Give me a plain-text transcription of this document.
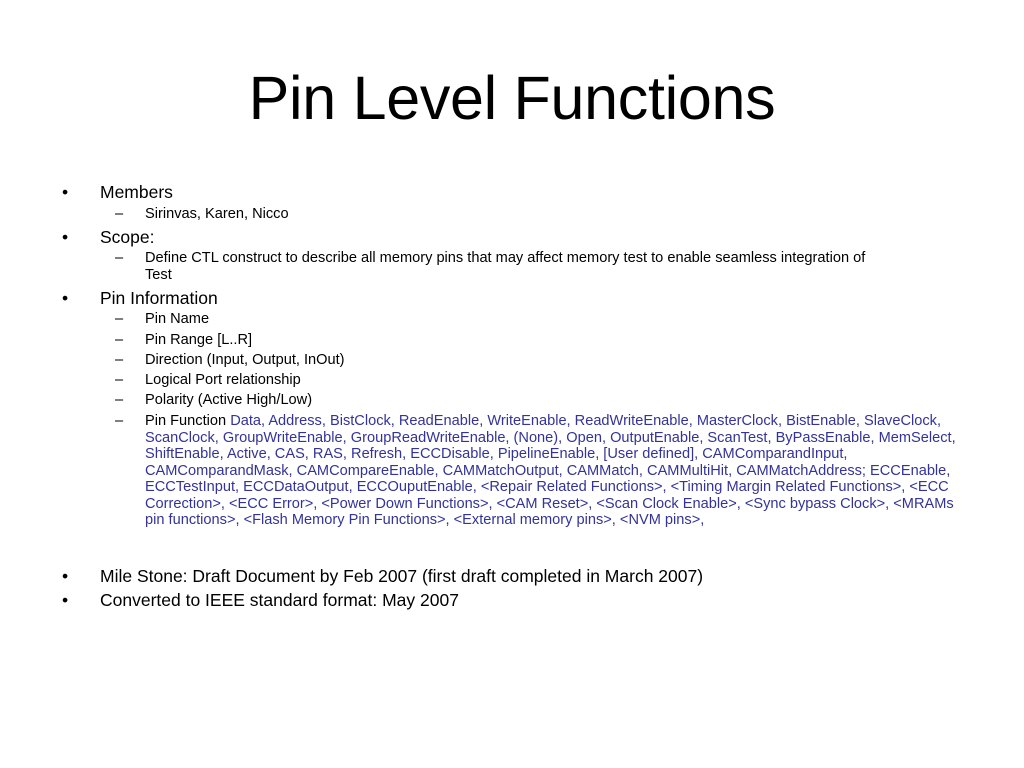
Pin Level Functions
• Members
– Sirinvas, Karen, Nicco
• Scope:
– Define CTL construct to describe all memory pins that may affect memory test to enable seamless integration of Test
• Pin Information
– Pin Name
– Pin Range [L..R]
– Direction (Input, Output, InOut)
– Logical Port relationship
– Polarity (Active High/Low)
– Pin Function Data, Address, BistClock, ReadEnable, WriteEnable, ReadWriteEnable, MasterClock, BistEnable, SlaveClock, ScanClock, GroupWriteEnable, GroupReadWriteEnable, (None), Open, OutputEnable, ScanTest, ByPassEnable, MemSelect, ShiftEnable, Active, CAS, RAS, Refresh, ECCDisable, PipelineEnable, [User defined], CAMComparandInput, CAMComparandMask, CAMCompareEnable, CAMMatchOutput, CAMMatch, CAMMultiHit, CAMMatchAddress; ECCEnable, ECCTestInput, ECCDataOutput, ECCOuputEnable, <Repair Related Functions>, <Timing Margin Related Functions>, <ECC Correction>, <ECC Error>, <Power Down Functions>, <CAM Reset>, <Scan Clock Enable>, <Sync bypass Clock>, <MRAMs pin functions>, <Flash Memory Pin Functions>, <External memory pins>, <NVM pins>,
• Mile Stone: Draft Document by Feb 2007 (first draft completed in March 2007)
• Converted to IEEE standard format: May 2007
